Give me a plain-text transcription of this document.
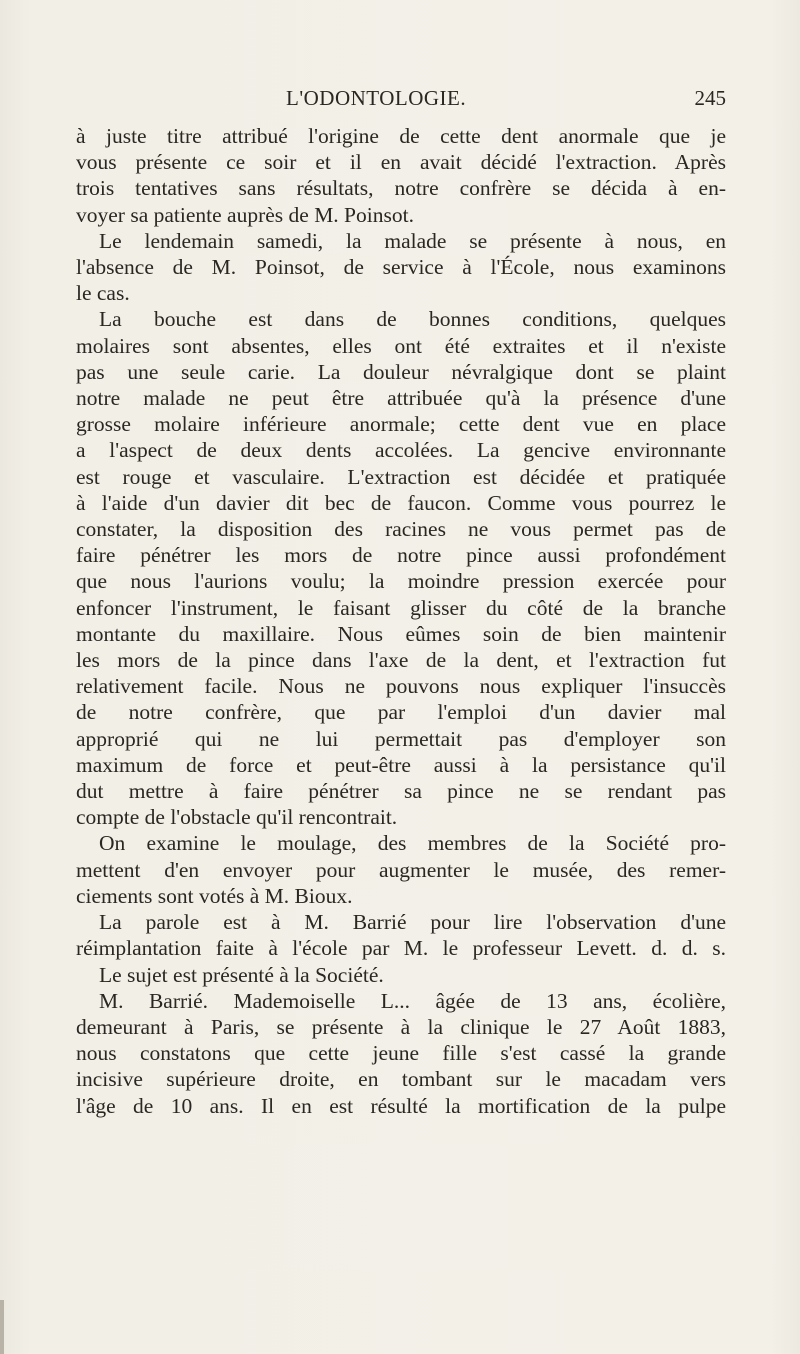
L'ODONTOLOGIE.	245

à juste titre attribué l'origine de cette dent anormale que je

vous présente ce soir et il en avait décidé l'extraction. Après

trois tentatives sans résultats, notre confrère se décida à en-

voyer sa patiente auprès de M. Poinsot.

Le lendemain samedi, la malade se présente à nous, en

l'absence de M. Poinsot, de service à l'École, nous examinons

le cas.

La bouche est dans de bonnes conditions, quelques

molaires sont absentes, elles ont été extraites et il n'existe

pas une seule carie. La douleur névralgique dont se plaint

notre malade ne peut être attribuée qu'à la présence d'une

grosse molaire inférieure anormale; cette dent vue en place

a l'aspect de deux dents accolées. La gencive environnante

est rouge et vasculaire. L'extraction est décidée et pratiquée

à l'aide d'un davier dit bec de faucon. Comme vous pourrez le

constater, la disposition des racines ne vous permet pas de

faire pénétrer les mors de notre pince aussi profondément

que nous l'aurions voulu; la moindre pression exercée pour

enfoncer l'instrument, le faisant glisser du côté de la branche

montante du maxillaire. Nous eûmes soin de bien maintenir

les mors de la pince dans l'axe de la dent, et l'extraction fut

relativement facile. Nous ne pouvons nous expliquer l'insuccès

de notre confrère, que par l'emploi d'un davier mal

approprié qui ne lui permettait pas d'employer son

maximum de force et peut-être aussi à la persistance qu'il

dut mettre à faire pénétrer sa pince ne se rendant pas

compte de l'obstacle qu'il rencontrait.

On examine le moulage, des membres de la Société pro-

mettent d'en envoyer pour augmenter le musée, des remer-

ciements sont votés à M. Bioux.

La parole est à M. Barrié pour lire l'observation d'une

réimplantation faite à l'école par M. le professeur Levett. d. d. s.

Le sujet est présenté à la Société.

M. Barrié. Mademoiselle L... âgée de 13 ans, écolière,

demeurant à Paris, se présente à la clinique le 27 Août 1883,

nous constatons que cette jeune fille s'est cassé la grande

incisive supérieure droite, en tombant sur le macadam vers

l'âge de 10 ans. Il en est résulté la mortification de la pulpe
